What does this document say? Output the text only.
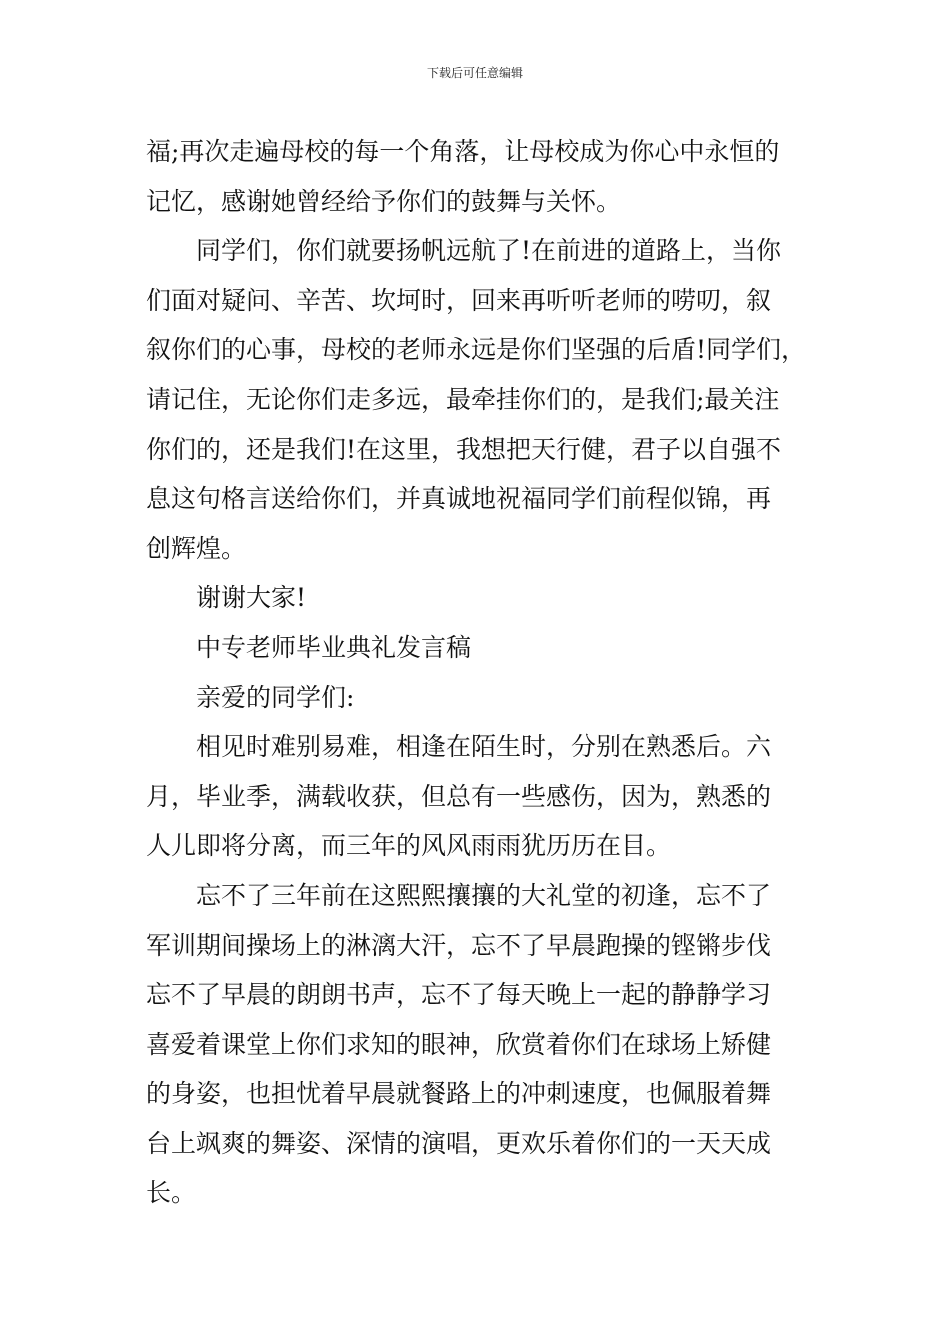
下载后可任意编辑
福;再次走遍母校的每一个角落，让母校成为你心中永恒的
记忆，感谢她曾经给予你们的鼓舞与关怀。
同学们，你们就要扬帆远航了!在前进的道路上，当你
们面对疑问、辛苦、坎坷时，回来再听听老师的唠叨，叙
叙你们的心事，母校的老师永远是你们坚强的后盾!同学们，
请记住，无论你们走多远，最牵挂你们的，是我们;最关注
你们的，还是我们!在这里，我想把天行健，君子以自强不
息这句格言送给你们，并真诚地祝福同学们前程似锦，再
创辉煌。
谢谢大家!
中专老师毕业典礼发言稿
亲爱的同学们:
相见时难别易难，相逢在陌生时，分别在熟悉后。六
月，毕业季，满载收获，但总有一些感伤，因为，熟悉的
人儿即将分离，而三年的风风雨雨犹历历在目。
忘不了三年前在这熙熙攘攘的大礼堂的初逢，忘不了
军训期间操场上的淋漓大汗，忘不了早晨跑操的铿锵步伐
忘不了早晨的朗朗书声，忘不了每天晚上一起的静静学习
喜爱着课堂上你们求知的眼神，欣赏着你们在球场上矫健
的身姿，也担忧着早晨就餐路上的冲刺速度，也佩服着舞
台上飒爽的舞姿、深情的演唱，更欢乐着你们的一天天成
长。
